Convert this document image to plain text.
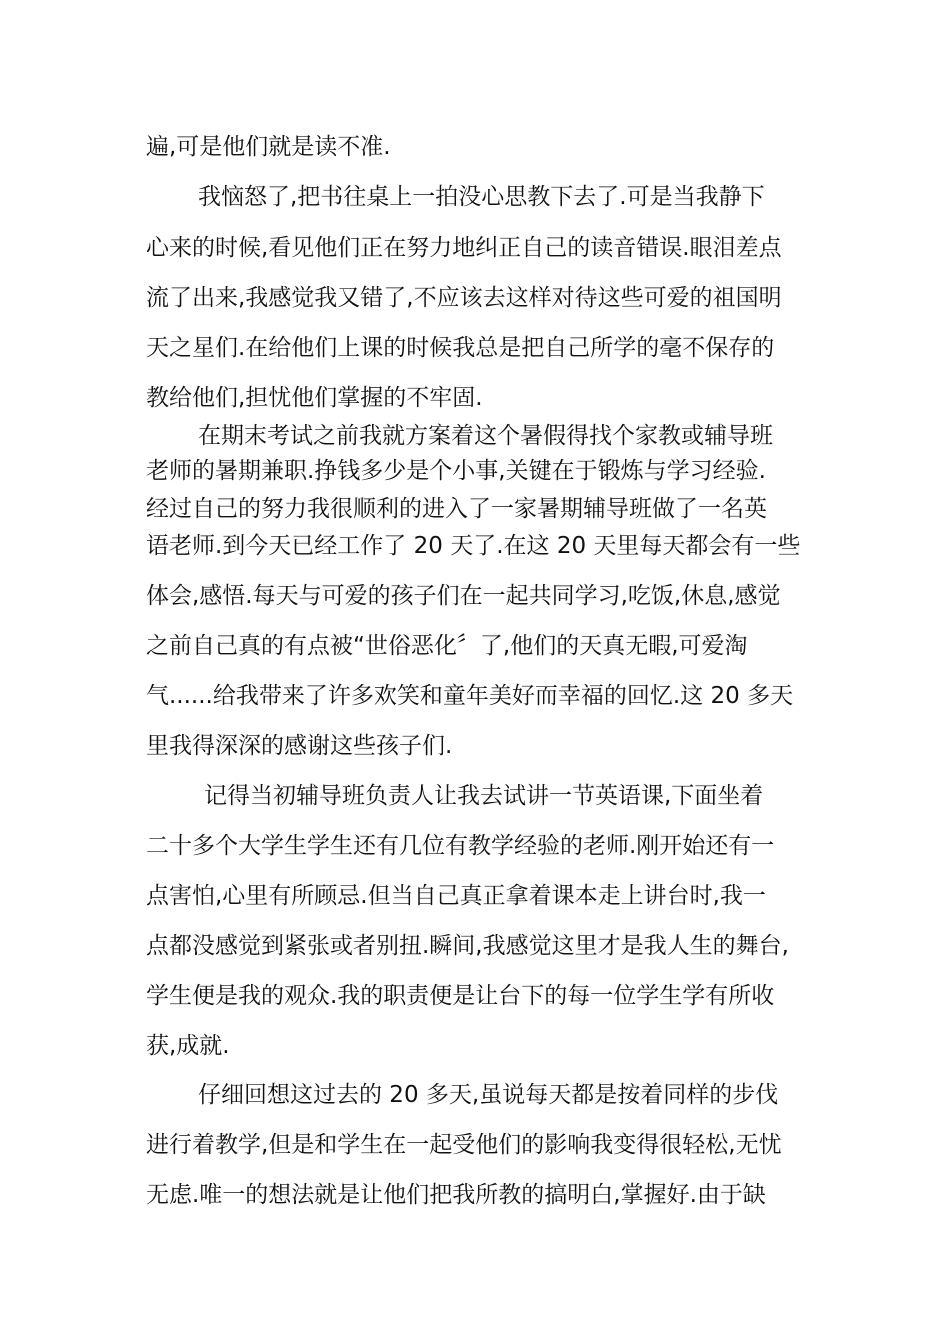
遍,可是他们就是读不准.

我恼怒了,把书往桌上一拍没心思教下去了.可是当我静下

心来的时候,看见他们正在努力地纠正自己的读音错误.眼泪差点

流了出来,我感觉我又错了,不应该去这样对待这些可爱的祖国明

天之星们.在给他们上课的时候我总是把自己所学的毫不保存的

教给他们,担忧他们掌握的不牢固.

在期末考试之前我就方案着这个暑假得找个家教或辅导班

老师的暑期兼职.挣钱多少是个小事,关键在于锻炼与学习经验.

经过自己的努力我很顺利的进入了一家暑期辅导班做了一名英

语老师.到今天已经工作了 20 天了.在这 20 天里每天都会有一些

体会,感悟.每天与可爱的孩子们在一起共同学习,吃饭,休息,感觉

之前自己真的有点被“世俗恶化〞了,他们的天真无暇,可爱淘

气......给我带来了许多欢笑和童年美好而幸福的回忆.这 20 多天

里我得深深的感谢这些孩子们.

记得当初辅导班负责人让我去试讲一节英语课,下面坐着

二十多个大学生学生还有几位有教学经验的老师.刚开始还有一

点害怕,心里有所顾忌.但当自己真正拿着课本走上讲台时,我一

点都没感觉到紧张或者别扭.瞬间,我感觉这里才是我人生的舞台,

学生便是我的观众.我的职责便是让台下的每一位学生学有所收

获,成就.

仔细回想这过去的 20 多天,虽说每天都是按着同样的步伐

进行着教学,但是和学生在一起受他们的影响我变得很轻松,无忧

无虑.唯一的想法就是让他们把我所教的搞明白,掌握好.由于缺
